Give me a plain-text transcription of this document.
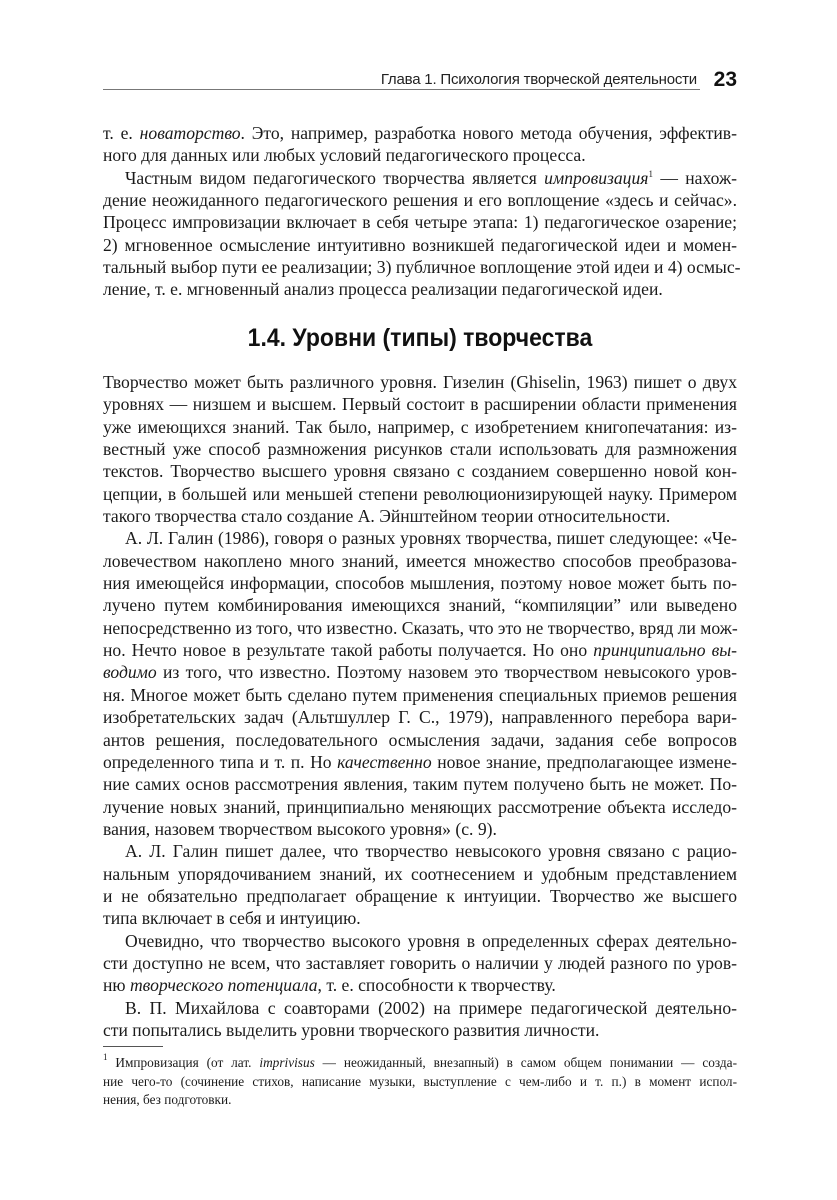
Глава 1. Психология творческой деятельности 23
т. е. новаторство. Это, например, разработка нового метода обучения, эффектив-
ного для данных или любых условий педагогического процесса.
Частным видом педагогического творчества является импровизация$^1$ — нахож-
дение неожиданного педагогического решения и его воплощение «здесь и сейчас».
Процесс импровизации включает в себя четыре этапа: 1) педагогическое озарение;
2) мгновенное осмысление интуитивно возникшей педагогической идеи и момен-
тальный выбор пути ее реализации; 3) публичное воплощение этой идеи и 4) осмыс-
ление, т. е. мгновенный анализ процесса реализации педагогической идеи.
1.4. Уровни (типы) творчества
Творчество может быть различного уровня. Гизелин (Ghiselin, 1963) пишет о двух
уровнях — низшем и высшем. Первый состоит в расширении области применения
уже имеющихся знаний. Так было, например, с изобретением книгопечатания: из-
вестный уже способ размножения рисунков стали использовать для размножения
текстов. Творчество высшего уровня связано с созданием совершенно новой кон-
цепции, в большей или меньшей степени революционизирующей науку. Примером
такого творчества стало создание А. Эйнштейном теории относительности.
А. Л. Галин (1986), говоря о разных уровнях творчества, пишет следующее: «Че-
ловечеством накоплено много знаний, имеется множество способов преобразова-
ния имеющейся информации, способов мышления, поэтому новое может быть по-
лучено путем комбинирования имеющихся знаний, “компиляции” или выведено
непосредственно из того, что известно. Сказать, что это не творчество, вряд ли мож-
но. Нечто новое в результате такой работы получается. Но оно принципиально вы-
водимо из того, что известно. Поэтому назовем это творчеством невысокого уров-
ня. Многое может быть сделано путем применения специальных приемов решения
изобретательских задач (Альтшуллер Г. С., 1979), направленного перебора вари-
антов решения, последовательного осмысления задачи, задания себе вопросов
определенного типа и т. п. Но качественно новое знание, предполагающее измене-
ние самих основ рассмотрения явления, таким путем получено быть не может. По-
лучение новых знаний, принципиально меняющих рассмотрение объекта исследо-
вания, назовем творчеством высокого уровня» (с. 9).
А. Л. Галин пишет далее, что творчество невысокого уровня связано с рацио-
нальным упорядочиванием знаний, их соотнесением и удобным представлением
и не обязательно предполагает обращение к интуиции. Творчество же высшего
типа включает в себя и интуицию.
Очевидно, что творчество высокого уровня в определенных сферах деятельно-
сти доступно не всем, что заставляет говорить о наличии у людей разного по уров-
ню творческого потенциала, т. е. способности к творчеству.
В. П. Михайлова с соавторами (2002) на примере педагогической деятельно-
сти попытались выделить уровни творческого развития личности.
$^1$ Импровизация (от лат. imprivisus — неожиданный, внезапный) в самом общем понимании — созда-
ние чего-то (сочинение стихов, написание музыки, выступление с чем-либо и т. п.) в момент испол-
нения, без подготовки.
